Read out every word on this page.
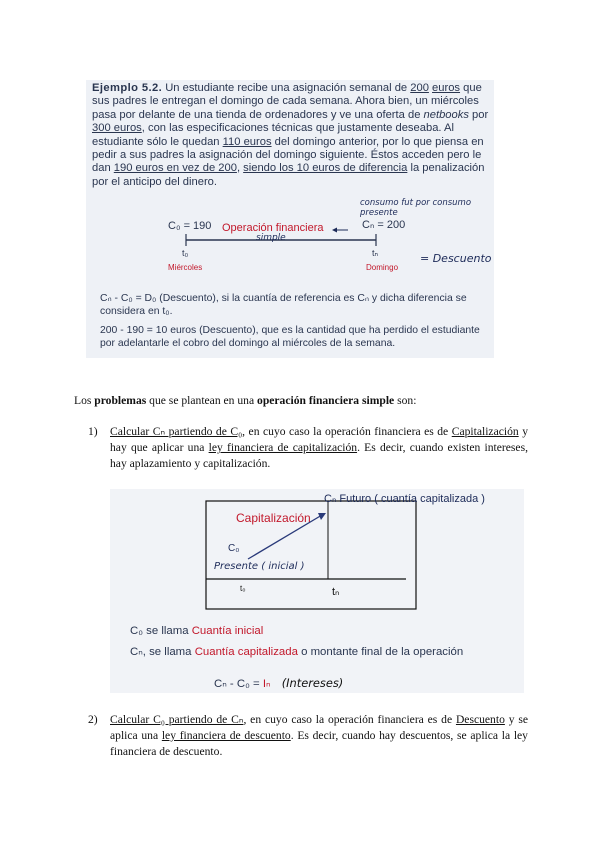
Ejemplo 5.2. Un estudiante recibe una asignación semanal de 200 euros que sus padres le entregan el domingo de cada semana. Ahora bien, un miércoles pasa por delante de una tienda de ordenadores y ve una oferta de netbooks por 300 euros, con las especificaciones técnicas que justamente deseaba. Al estudiante sólo le quedan 110 euros del domingo anterior, por lo que piensa en pedir a sus padres la asignación del domingo siguiente. Éstos acceden pero le dan 190 euros en vez de 200, siendo los 10 euros de diferencia la penalización por el anticipo del dinero.
C₀ = 190	Cₙ = 200
Operación financiera
simple
t₀	tₙ
Miércoles	Domingo
consumo fut por consumo presente
= Descuento
Cₙ - C₀ = D₀ (Descuento), si la cuantía de referencia es Cₙ y dicha diferencia se considera en t₀.
200 - 190 = 10 euros (Descuento), que es la cantidad que ha perdido el estudiante por adelantarle el cobro del domingo al miércoles de la semana.
Los problemas que se plantean en una operación financiera simple son:
1)	Calcular Cₙ partiendo de C₀, en cuyo caso la operación financiera es de Capitalización y hay que aplicar una ley financiera de capitalización. Es decir, cuando existen intereses, hay aplazamiento y capitalización.
Cₙ Futuro ( cuantía capitalizada )
Capitalización
C₀
Presente ( inicial )
t₀	tₙ
C₀ se llama Cuantía inicial
Cₙ, se llama Cuantía capitalizada o montante final de la operación
Cₙ - C₀ = Iₙ (Intereses)
2)	Calcular C₀ partiendo de Cₙ, en cuyo caso la operación financiera es de Descuento y se aplica una ley financiera de descuento. Es decir, cuando hay descuentos, se aplica la ley financiera de descuento.
